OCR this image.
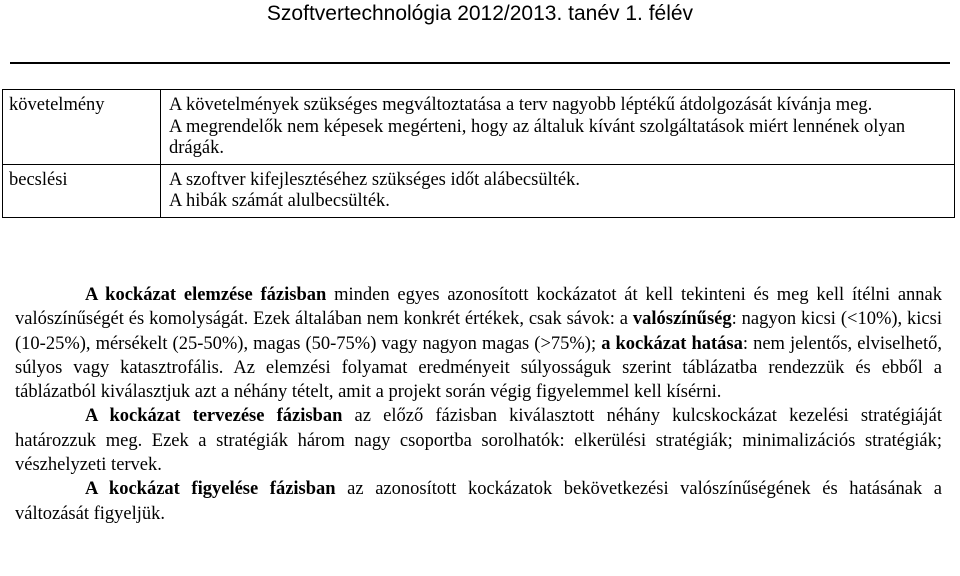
Szoftvertechnológia 2012/2013. tanév 1. félév
követelmény	A követelmények szükséges megváltoztatása a terv nagyobb léptékű átdolgozását kívánja meg.
A megrendelők nem képesek megérteni, hogy az általuk kívánt szolgáltatások miért lennének olyan drágák.

becslési	A szoftver kifejlesztéséhez szükséges időt alábecsülték.
A hibák számát alulbecsülték.

A kockázat elemzése fázisban minden egyes azonosított kockázatot át kell tekinteni és meg kell ítélni annak valószínűségét és komolyságát. Ezek általában nem konkrét értékek, csak sávok: a valószínűség: nagyon kicsi (<10%), kicsi (10-25%), mérsékelt (25-50%), magas (50-75%) vagy nagyon magas (>75%); a kockázat hatása: nem jelentős, elviselhető, súlyos vagy katasztrofális. Az elemzési folyamat eredményeit súlyosságuk szerint táblázatba rendezzük és ebből a táblázatból kiválasztjuk azt a néhány tételt, amit a projekt során végig figyelemmel kell kísérni.

A kockázat tervezése fázisban az előző fázisban kiválasztott néhány kulcskockázat kezelési stratégiáját határozzuk meg. Ezek a stratégiák három nagy csoportba sorolhatók: elkerülési stratégiák; minimalizációs stratégiák; vészhelyzeti tervek.

A kockázat figyelése fázisban az azonosított kockázatok bekövetkezési valószínűségének és hatásának a változását figyeljük.
